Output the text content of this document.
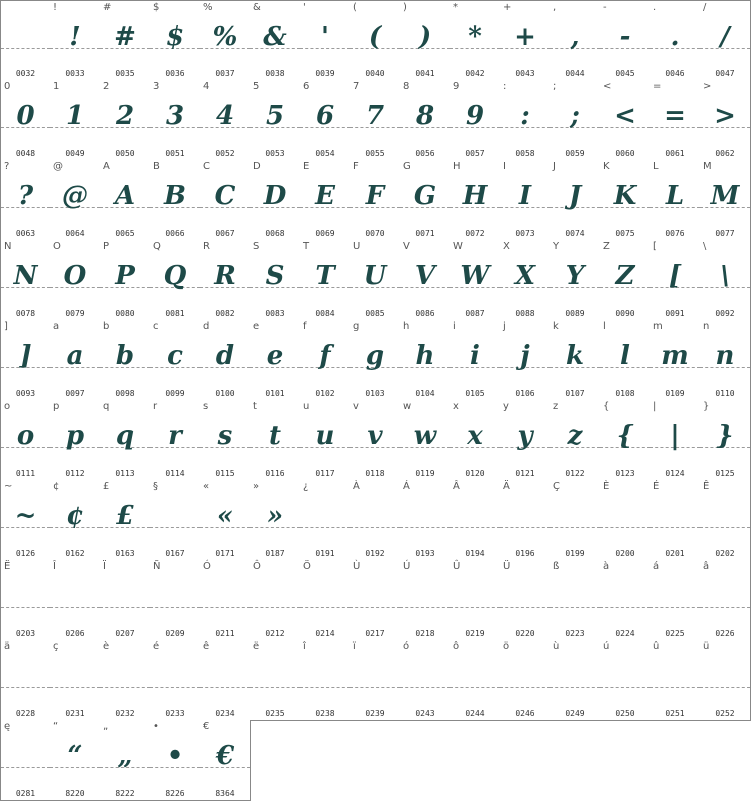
0032
!
!
0033
#
#
0035
$
$
0036
%
%
0037
&
&
0038
'
'
0039
(
(
0040
)
)
0041
*
*
0042
+
+
0043
,
,
0044
-
-
0045
.
.
0046
/
/
0047
0
0
0048
1
1
0049
2
2
0050
3
3
0051
4
4
0052
5
5
0053
6
6
0054
7
7
0055
8
8
0056
9
9
0057
:
:
0058
;
;
0059
<
<
0060
=
=
0061
>
>
0062
?
?
0063
@
@
0064
A
A
0065
B
B
0066
C
C
0067
D
D
0068
E
E
0069
F
F
0070
G
G
0071
H
H
0072
I
I
0073
J
J
0074
K
K
0075
L
L
0076
M
M
0077
N
N
0078
O
O
0079
P
P
0080
Q
Q
0081
R
R
0082
S
S
0083
T
T
0084
U
U
0085
V
V
0086
W
W
0087
X
X
0088
Y
Y
0089
Z
Z
0090
[
[
0091
\
\
0092
]
]
0093
a
a
0097
b
b
0098
c
c
0099
d
d
0100
e
e
0101
f
f
0102
g
g
0103
h
h
0104
i
i
0105
j
j
0106
k
k
0107
l
l
0108
m
m
0109
n
n
0110
o
o
0111
p
p
0112
q
q
0113
r
r
0114
s
s
0115
t
t
0116
u
u
0117
v
v
0118
w
w
0119
x
x
0120
y
y
0121
z
z
0122
{
{
0123
|
|
0124
}
}
0125
~
~
0126
¢
¢
0162
£
£
0163
§
0167
«
«
0171
»
»
0187
¿
0191
À
0192
Á
0193
Â
0194
Ä
0196
Ç
0199
È
0200
É
0201
Ê
0202
Ë
0203
Î
0206
Ï
0207
Ñ
0209
Ó
0211
Ô
0212
Ö
0214
Ù
0217
Ú
0218
Û
0219
Ü
0220
ß
0223
à
0224
á
0225
â
0226
ä
0228
ç
0231
è
0232
é
0233
ê
0234
ë
0235
î
0238
ï
0239
ó
0243
ô
0244
ö
0246
ù
0249
ú
0250
û
0251
ü
0252
ę
0281
“
“
8220
„
„
8222
•
•
8226
€
€
8364
